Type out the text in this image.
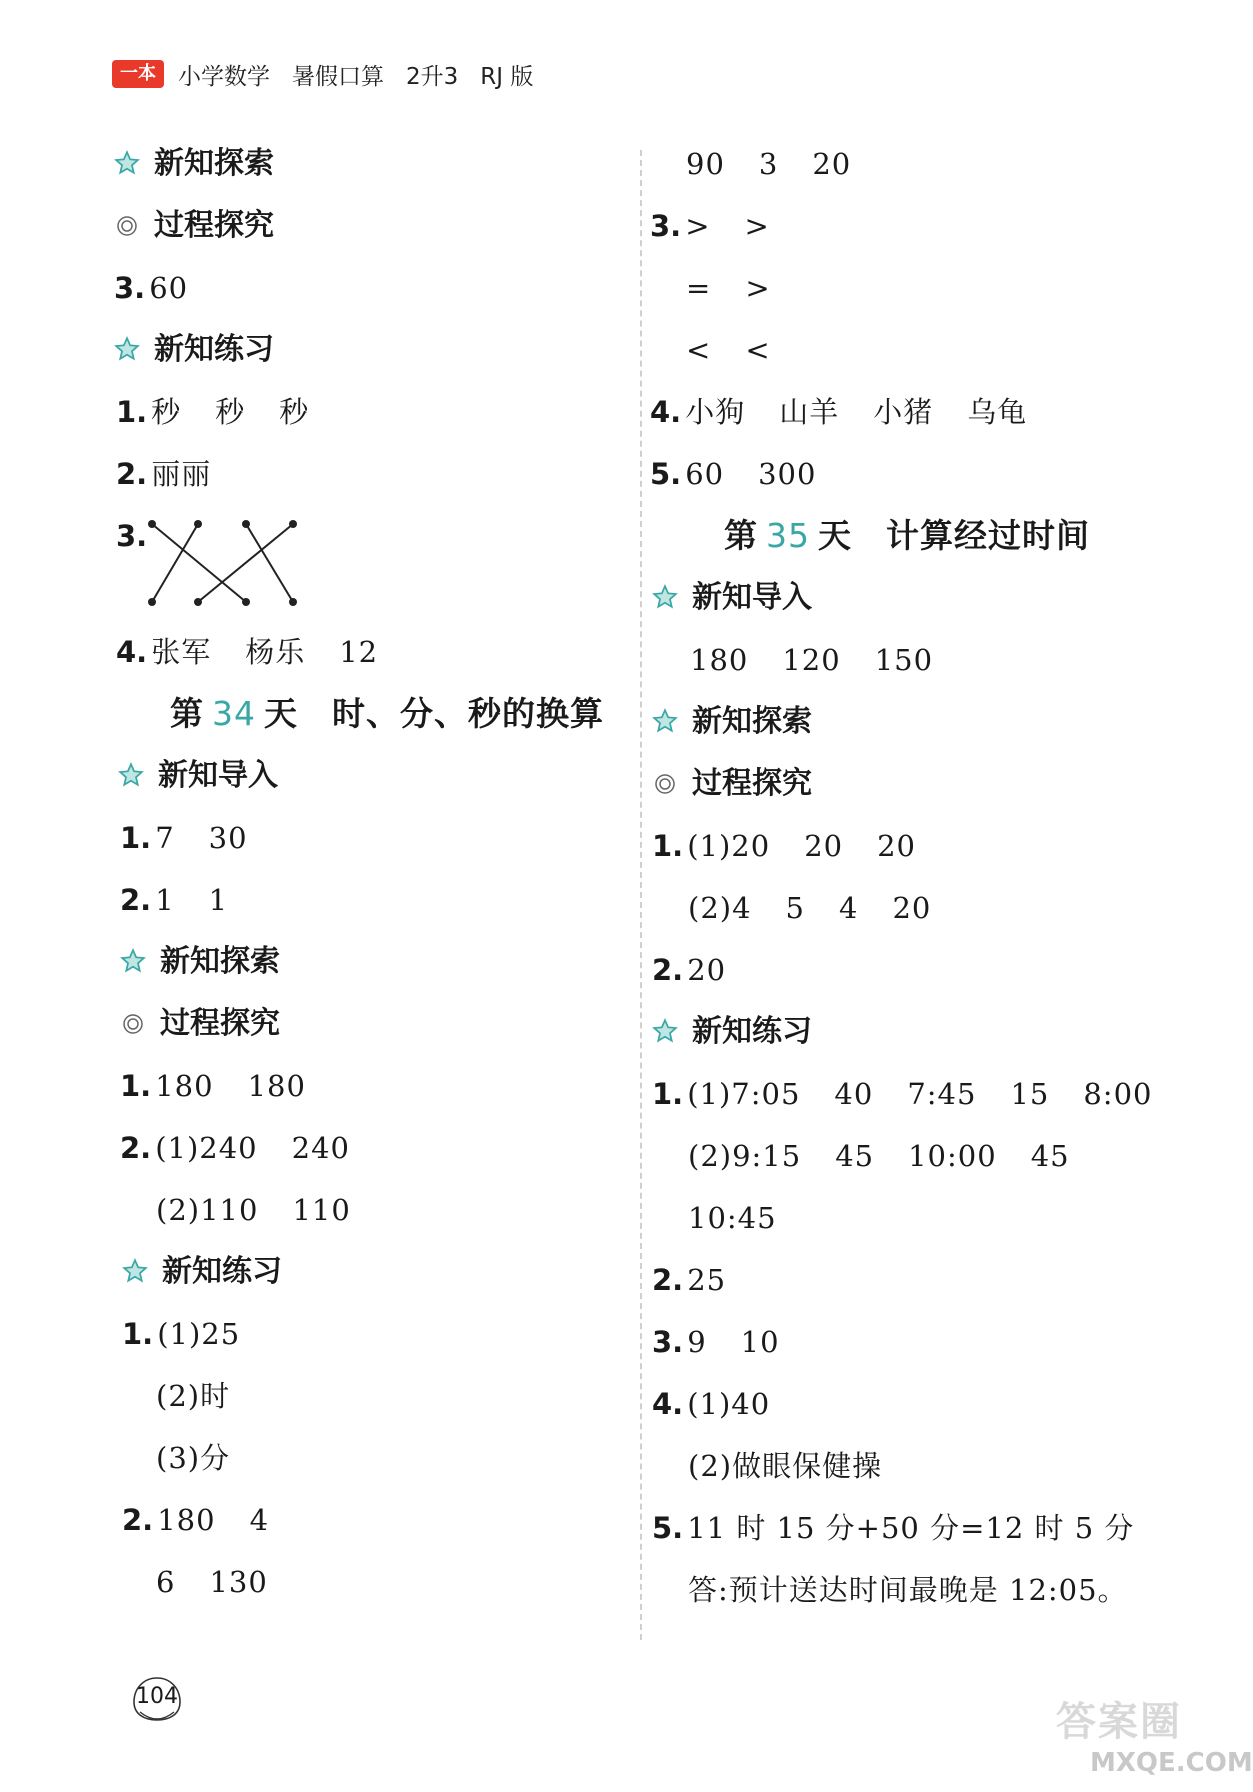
一本 小学数学 暑假口算 2升3 RJ 版
新知探索
过程探究
3. 60
新知练习
1. 秒 秒 秒
2. 丽丽
3.
4. 张军 杨乐 12
第 34 天 时、分、秒的换算
新知导入
1. 7 30
2. 1 1
新知探索
过程探究
1. 180 180
2. (1)240 240
(2)110 110
新知练习
1. (1)25
(2)时
(3)分
2. 180 4
6 130
90 3 20
3. > >
= >
< <
4. 小狗 山羊 小猪 乌龟
5. 60 300
第 35 天 计算经过时间
新知导入
180 120 150
新知探索
过程探究
1. (1)20 20 20
(2)4 5 4 20
2. 20
新知练习
1. (1)7:05 40 7:45 15 8:00
(2)9:15 45 10:00 45
10:45
2. 25
3. 9 10
4. (1)40
(2)做眼保健操
5. 11 时 15 分+50 分=12 时 5 分
答:预计送达时间最晚是 12:05。
104
答案圈
MXQE.COM
